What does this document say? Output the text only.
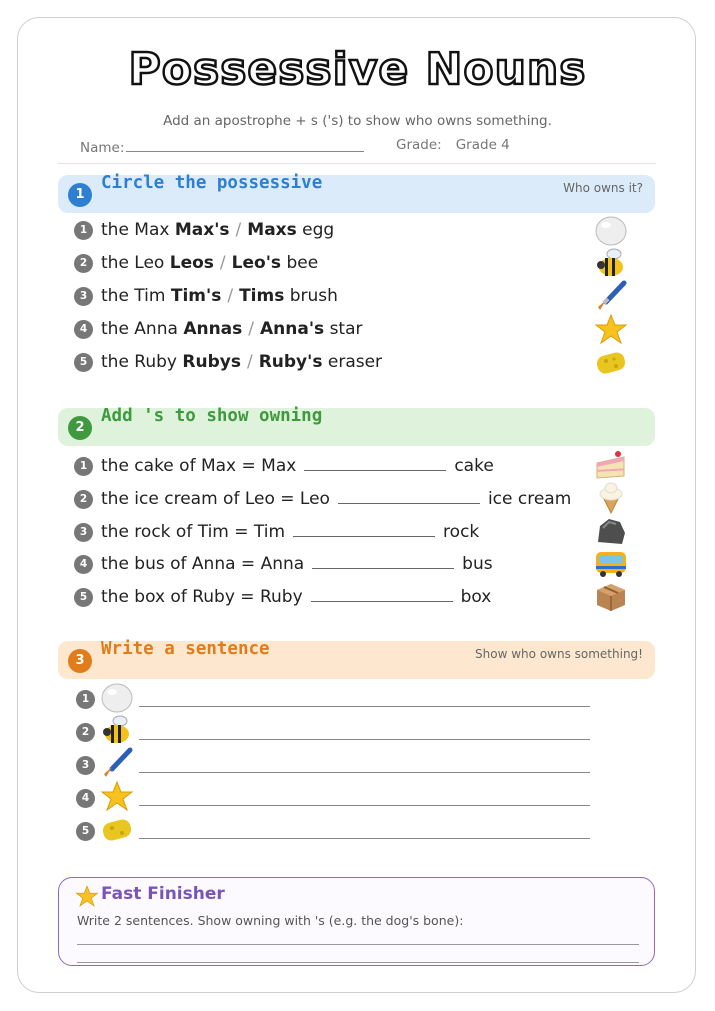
Possessive Nouns
Add an apostrophe + s ('s) to show who owns something.
Name:	Grade: Grade 4
1
Circle the possessive	Who owns it?
1 the Max Max's / Maxs egg
2 the Leo Leos / Leo's bee
3 the Tim Tim's / Tims brush
4 the Anna Annas / Anna's star
5 the Ruby Rubys / Ruby's eraser
2
Add 's to show owning
1 the cake of Max = Max	cake
2 the ice cream of Leo = Leo	ice cream
3 the rock of Tim = Tim	rock
4 the bus of Anna = Anna	bus
5 the box of Ruby = Ruby	box
3
Write a sentence	Show who owns something!
1
2
3
4
5
Fast Finisher
Write 2 sentences. Show owning with 's (e.g. the dog's bone):
